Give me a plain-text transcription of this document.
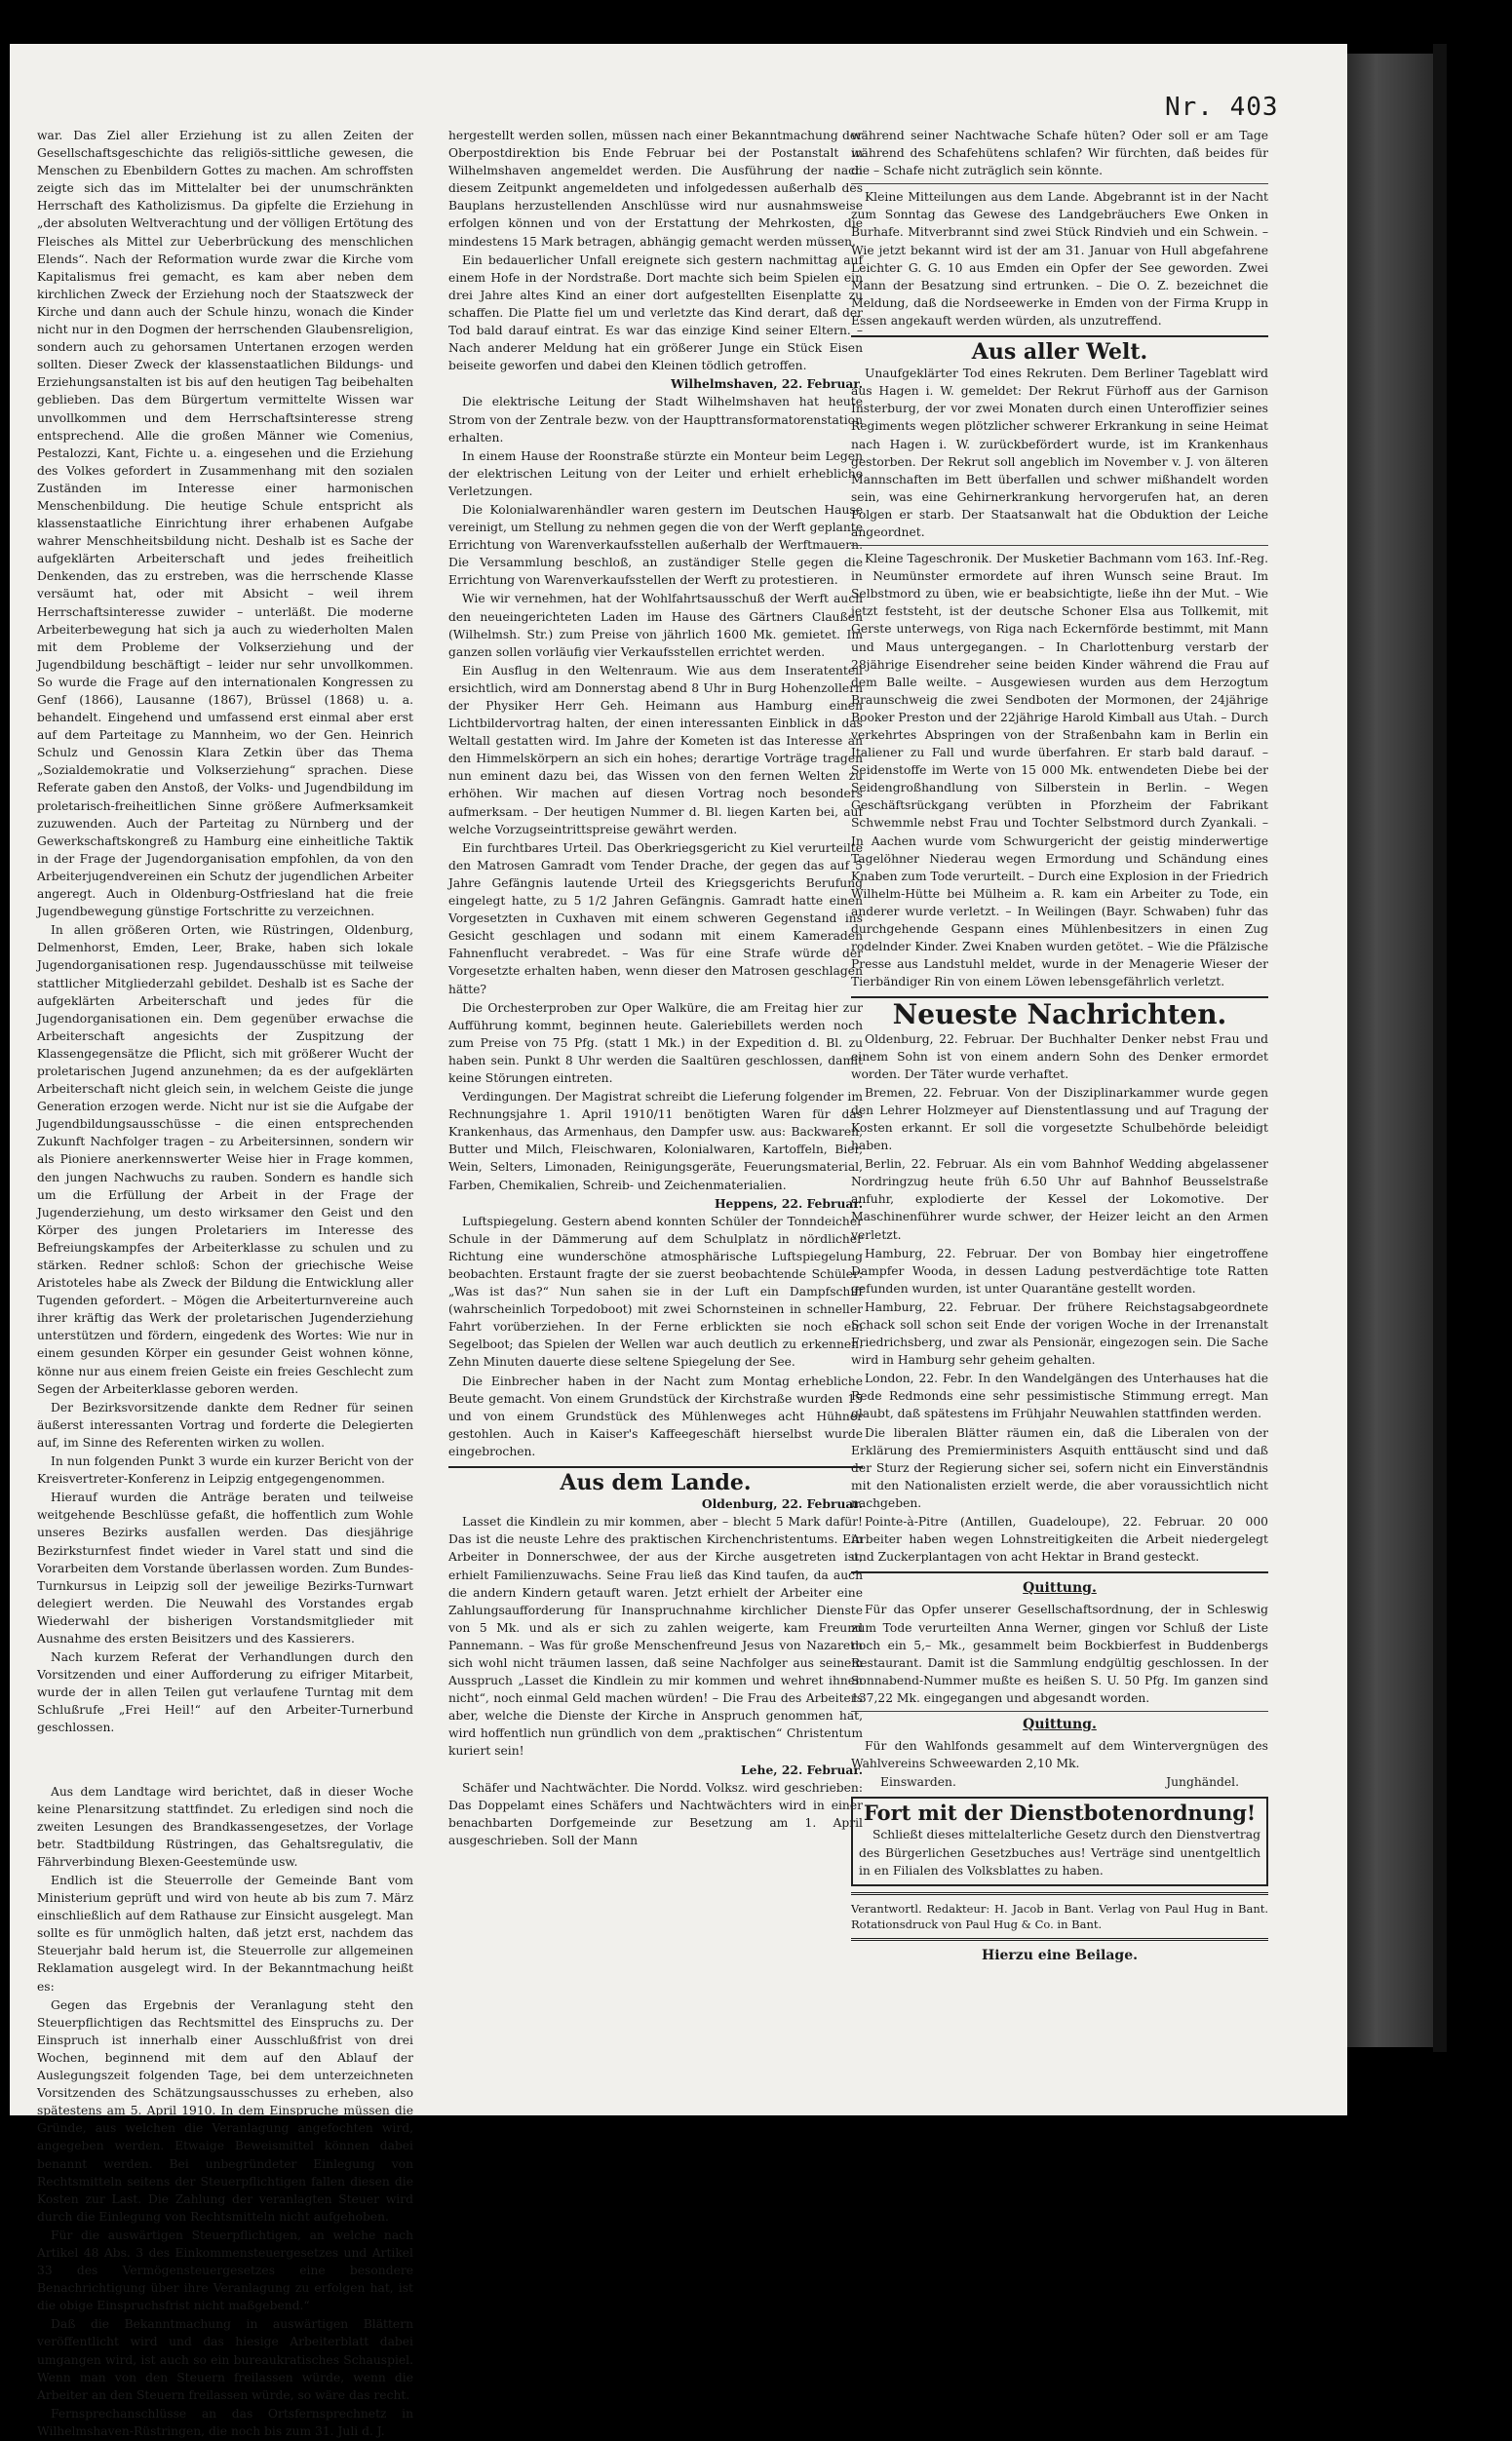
Nr. 403

war. Das Ziel aller Erziehung ist zu allen Zeiten der Gesellschaftsgeschichte das religiös-sittliche gewesen, die Menschen zu Ebenbildern Gottes zu machen. Am schroffsten zeigte sich das im Mittelalter bei der unumschränkten Herrschaft des Katholizismus. Da gipfelte die Erziehung in „der absoluten Weltverachtung und der völligen Ertötung des Fleisches als Mittel zur Ueberbrückung des menschlichen Elends“. Nach der Reformation wurde zwar die Kirche vom Kapitalismus frei gemacht, es kam aber neben dem kirchlichen Zweck der Erziehung noch der Staatszweck der Kirche und dann auch der Schule hinzu, wonach die Kinder nicht nur in den Dogmen der herrschenden Glaubensreligion, sondern auch zu gehorsamen Untertanen erzogen werden sollten. Dieser Zweck der klassenstaatlichen Bildungs- und Erziehungsanstalten ist bis auf den heutigen Tag beibehalten geblieben. Das dem Bürgertum vermittelte Wissen war unvollkommen und dem Herrschaftsinteresse streng entsprechend. Alle die großen Männer wie Comenius, Pestalozzi, Kant, Fichte u. a. eingesehen und die Erziehung des Volkes gefordert in Zusammenhang mit den sozialen Zuständen im Interesse einer harmonischen Menschenbildung. Die heutige Schule entspricht als klassenstaatliche Einrichtung ihrer erhabenen Aufgabe wahrer Menschheitsbildung nicht. Deshalb ist es Sache der aufgeklärten Arbeiterschaft und jedes freiheitlich Denkenden, das zu erstreben, was die herrschende Klasse versäumt hat, oder mit Absicht – weil ihrem Herrschaftsinteresse zuwider – unterläßt. Die moderne Arbeiterbewegung hat sich ja auch zu wiederholten Malen mit dem Probleme der Volkserziehung und der Jugendbildung beschäftigt – leider nur sehr unvollkommen. So wurde die Frage auf den internationalen Kongressen zu Genf (1866), Lausanne (1867), Brüssel (1868) u. a. behandelt. Eingehend und umfassend erst einmal aber erst auf dem Parteitage zu Mannheim, wo der Gen. Heinrich Schulz und Genossin Klara Zetkin über das Thema „Sozialdemokratie und Volkserziehung“ sprachen. Diese Referate gaben den Anstoß, der Volks- und Jugendbildung im proletarisch-freiheitlichen Sinne größere Aufmerksamkeit zuzuwenden. Auch der Parteitag zu Nürnberg und der Gewerkschaftskongreß zu Hamburg eine einheitliche Taktik in der Frage der Jugendorganisation empfohlen, da von den Arbeiterjugendvereinen ein Schutz der jugendlichen Arbeiter angeregt. Auch in Oldenburg-Ostfriesland hat die freie Jugendbewegung günstige Fortschritte zu verzeichnen.

In allen größeren Orten, wie Rüstringen, Oldenburg, Delmenhorst, Emden, Leer, Brake, haben sich lokale Jugendorganisationen resp. Jugendausschüsse mit teilweise stattlicher Mitgliederzahl gebildet. Deshalb ist es Sache der aufgeklärten Arbeiterschaft und jedes für die Jugendorganisationen ein. Dem gegenüber erwachse die Arbeiterschaft angesichts der Zuspitzung der Klassengegensätze die Pflicht, sich mit größerer Wucht der proletarischen Jugend anzunehmen; da es der aufgeklärten Arbeiterschaft nicht gleich sein, in welchem Geiste die junge Generation erzogen werde. Nicht nur ist sie die Aufgabe der Jugendbildungsausschüsse – die einen entsprechenden Zukunft Nachfolger tragen – zu Arbeitersinnen, sondern wir als Pioniere anerkennswerter Weise hier in Frage kommen, den jungen Nachwuchs zu rauben. Sondern es handle sich um die Erfüllung der Arbeit in der Frage der Jugenderziehung, um desto wirksamer den Geist und den Körper des jungen Proletariers im Interesse des Befreiungskampfes der Arbeiterklasse zu schulen und zu stärken. Redner schloß: Schon der griechische Weise Aristoteles habe als Zweck der Bildung die Entwicklung aller Tugenden gefordert. – Mögen die Arbeiterturnvereine auch ihrer kräftig das Werk der proletarischen Jugenderziehung unterstützen und fördern, eingedenk des Wortes: Wie nur in einem gesunden Körper ein gesunder Geist wohnen könne, könne nur aus einem freien Geiste ein freies Geschlecht zum Segen der Arbeiterklasse geboren werden.

Der Bezirksvorsitzende dankte dem Redner für seinen äußerst interessanten Vortrag und forderte die Delegierten auf, im Sinne des Referenten wirken zu wollen.

In nun folgenden Punkt 3 wurde ein kurzer Bericht von der Kreisvertreter-Konferenz in Leipzig entgegengenommen.

Hierauf wurden die Anträge beraten und teilweise weitgehende Beschlüsse gefaßt, die hoffentlich zum Wohle unseres Bezirks ausfallen werden. Das diesjährige Bezirksturnfest findet wieder in Varel statt und sind die Vorarbeiten dem Vorstande überlassen worden. Zum Bundes-Turnkursus in Leipzig soll der jeweilige Bezirks-Turnwart delegiert werden. Die Neuwahl des Vorstandes ergab Wiederwahl der bisherigen Vorstandsmitglieder mit Ausnahme des ersten Beisitzers und des Kassierers.

Nach kurzem Referat der Verhandlungen durch den Vorsitzenden und einer Aufforderung zu eifriger Mitarbeit, wurde der in allen Teilen gut verlaufene Turntag mit dem Schlußrufe „Frei Heil!“ auf den Arbeiter-Turnerbund geschlossen.

Aus dem Landtage wird berichtet, daß in dieser Woche keine Plenarsitzung stattfindet. Zu erledigen sind noch die zweiten Lesungen des Brandkassengesetzes, der Vorlage betr. Stadtbildung Rüstringen, das Gehaltsregulativ, die Fährverbindung Blexen-Geestemünde usw.

Endlich ist die Steuerrolle der Gemeinde Bant vom Ministerium geprüft und wird von heute ab bis zum 7. März einschließlich auf dem Rathause zur Einsicht ausgelegt. Man sollte es für unmöglich halten, daß jetzt erst, nachdem das Steuerjahr bald herum ist, die Steuerrolle zur allgemeinen Reklamation ausgelegt wird. In der Bekanntmachung heißt es:

Gegen das Ergebnis der Veranlagung steht den Steuerpflichtigen das Rechtsmittel des Einspruchs zu. Der Einspruch ist innerhalb einer Ausschlußfrist von drei Wochen, beginnend mit dem auf den Ablauf der Auslegungszeit folgenden Tage, bei dem unterzeichneten Vorsitzenden des Schätzungsausschusses zu erheben, also spätestens am 5. April 1910. In dem Einspruche müssen die Gründe, aus welchen die Veranlagung angefochten wird, angegeben werden. Etwaige Beweismittel können dabei benannt werden. Bei unbegründeter Einlegung von Rechtsmitteln seitens der Steuerpflichtigen fallen diesen die Kosten zur Last. Die Zahlung der veranlagten Steuer wird durch die Einlegung von Rechtsmitteln nicht aufgehoben.

Für die auswärtigen Steuerpflichtigen, an welche nach Artikel 48 Abs. 3 des Einkommensteuergesetzes und Artikel 33 des Vermögensteuergesetzes eine besondere Benachrichtigung über ihre Veranlagung zu erfolgen hat, ist die obige Einspruchsfrist nicht maßgebend.“

Daß die Bekanntmachung in auswärtigen Blättern veröffentlicht wird und das hiesige Arbeiterblatt dabei umgangen wird, ist auch so ein bureaukratisches Schauspiel. Wenn man von den Steuern freilassen würde, wenn die Arbeiter an den Steuern freilassen würde, so wäre das recht.

Fernsprechanschlüsse an das Ortsfernsprechnetz in Wilhelmshaven-Rüstringen, die noch bis zum 31. Juli d. J.

hergestellt werden sollen, müssen nach einer Bekanntmachung der Oberpostdirektion bis Ende Februar bei der Postanstalt in Wilhelmshaven angemeldet werden. Die Ausführung der nach diesem Zeitpunkt angemeldeten und infolgedessen außerhalb des Bauplans herzustellenden Anschlüsse wird nur ausnahmsweise erfolgen können und von der Erstattung der Mehrkosten, die mindestens 15 Mark betragen, abhängig gemacht werden müssen.

Ein bedauerlicher Unfall ereignete sich gestern nachmittag auf einem Hofe in der Nordstraße. Dort machte sich beim Spielen ein drei Jahre altes Kind an einer dort aufgestellten Eisenplatte zu schaffen. Die Platte fiel um und verletzte das Kind derart, daß der Tod bald darauf eintrat. Es war das einzige Kind seiner Eltern. – Nach anderer Meldung hat ein größerer Junge ein Stück Eisen beiseite geworfen und dabei den Kleinen tödlich getroffen.

Wilhelmshaven, 22. Februar.

Die elektrische Leitung der Stadt Wilhelmshaven hat heute Strom von der Zentrale bezw. von der Haupttransformatorenstation erhalten.

In einem Hause der Roonstraße stürzte ein Monteur beim Legen der elektrischen Leitung von der Leiter und erhielt erhebliche Verletzungen.

Die Kolonialwarenhändler waren gestern im Deutschen Hause vereinigt, um Stellung zu nehmen gegen die von der Werft geplante Errichtung von Warenverkaufsstellen außerhalb der Werftmauern. Die Versammlung beschloß, an zuständiger Stelle gegen die Errichtung von Warenverkaufsstellen der Werft zu protestieren.

Wie wir vernehmen, hat der Wohlfahrtsausschuß der Werft auch den neueingerichteten Laden im Hause des Gärtners Claußen (Wilhelmsh. Str.) zum Preise von jährlich 1600 Mk. gemietet. Im ganzen sollen vorläufig vier Verkaufsstellen errichtet werden.

Ein Ausflug in den Weltenraum. Wie aus dem Inseratenteil ersichtlich, wird am Donnerstag abend 8 Uhr in Burg Hohenzollern der Physiker Herr Geh. Heimann aus Hamburg einen Lichtbildervortrag halten, der einen interessanten Einblick in das Weltall gestatten wird. Im Jahre der Kometen ist das Interesse an den Himmelskörpern an sich ein hohes; derartige Vorträge tragen nun eminent dazu bei, das Wissen von den fernen Welten zu erhöhen. Wir machen auf diesen Vortrag noch besonders aufmerksam. – Der heutigen Nummer d. Bl. liegen Karten bei, auf welche Vorzugseintrittspreise gewährt werden.

Ein furchtbares Urteil. Das Oberkriegsgericht zu Kiel verurteilte den Matrosen Gamradt vom Tender Drache, der gegen das auf 5 Jahre Gefängnis lautende Urteil des Kriegsgerichts Berufung eingelegt hatte, zu 5 1/2 Jahren Gefängnis. Gamradt hatte einen Vorgesetzten in Cuxhaven mit einem schweren Gegenstand ins Gesicht geschlagen und sodann mit einem Kameraden Fahnenflucht verabredet. – Was für eine Strafe würde der Vorgesetzte erhalten haben, wenn dieser den Matrosen geschlagen hätte?

Die Orchesterproben zur Oper Walküre, die am Freitag hier zur Aufführung kommt, beginnen heute. Galeriebillets werden noch zum Preise von 75 Pfg. (statt 1 Mk.) in der Expedition d. Bl. zu haben sein. Punkt 8 Uhr werden die Saaltüren geschlossen, damit keine Störungen eintreten.

Verdingungen. Der Magistrat schreibt die Lieferung folgender im Rechnungsjahre 1. April 1910/11 benötigten Waren für das Krankenhaus, das Armenhaus, den Dampfer usw. aus: Backwaren, Butter und Milch, Fleischwaren, Kolonialwaren, Kartoffeln, Bier, Wein, Selters, Limonaden, Reinigungsgeräte, Feuerungsmaterial, Farben, Chemikalien, Schreib- und Zeichenmaterialien.

Heppens, 22. Februar.

Luftspiegelung. Gestern abend konnten Schüler der Tonndeicher Schule in der Dämmerung auf dem Schulplatz in nördlicher Richtung eine wunderschöne atmosphärische Luftspiegelung beobachten. Erstaunt fragte der sie zuerst beobachtende Schüler: „Was ist das?“ Nun sahen sie in der Luft ein Dampfschiff (wahrscheinlich Torpedoboot) mit zwei Schornsteinen in schneller Fahrt vorüberziehen. In der Ferne erblickten sie noch ein Segelboot; das Spielen der Wellen war auch deutlich zu erkennen. Zehn Minuten dauerte diese seltene Spiegelung der See.

Die Einbrecher haben in der Nacht zum Montag erhebliche Beute gemacht. Von einem Grundstück der Kirchstraße wurden 15 und von einem Grundstück des Mühlenweges acht Hühner gestohlen. Auch in Kaiser's Kaffeegeschäft hierselbst wurde eingebrochen.

Aus dem Lande.
Oldenburg, 22. Februar.

Lasset die Kindlein zu mir kommen, aber – blecht 5 Mark dafür! Das ist die neuste Lehre des praktischen Kirchenchristentums. Ein Arbeiter in Donnerschwee, der aus der Kirche ausgetreten ist, erhielt Familienzuwachs. Seine Frau ließ das Kind taufen, da auch die andern Kindern getauft waren. Jetzt erhielt der Arbeiter eine Zahlungsaufforderung für Inanspruchnahme kirchlicher Dienste von 5 Mk. und als er sich zu zahlen weigerte, kam Freund Pannemann. – Was für große Menschenfreund Jesus von Nazareth sich wohl nicht träumen lassen, daß seine Nachfolger aus seinem Ausspruch „Lasset die Kindlein zu mir kommen und wehret ihnen nicht“, noch einmal Geld machen würden! – Die Frau des Arbeiters aber, welche die Dienste der Kirche in Anspruch genommen hat, wird hoffentlich nun gründlich von dem „praktischen“ Christentum kuriert sein!

Lehe, 22. Februar.

Schäfer und Nachtwächter. Die Nordd. Volksz. wird geschrieben: Das Doppelamt eines Schäfers und Nachtwächters wird in einer benachbarten Dorfgemeinde zur Besetzung am 1. April ausgeschrieben. Soll der Mann

während seiner Nachtwache Schafe hüten? Oder soll er am Tage während des Schafehütens schlafen? Wir fürchten, daß beides für die – Schafe nicht zuträglich sein könnte.

Kleine Mitteilungen aus dem Lande. Abgebrannt ist in der Nacht zum Sonntag das Gewese des Landgebräuchers Ewe Onken in Burhafe. Mitverbrannt sind zwei Stück Rindvieh und ein Schwein. – Wie jetzt bekannt wird ist der am 31. Januar von Hull abgefahrene Leichter G. G. 10 aus Emden ein Opfer der See geworden. Zwei Mann der Besatzung sind ertrunken. – Die O. Z. bezeichnet die Meldung, daß die Nordseewerke in Emden von der Firma Krupp in Essen angekauft werden würden, als unzutreffend.

Aus aller Welt.

Unaufgeklärter Tod eines Rekruten. Dem Berliner Tageblatt wird aus Hagen i. W. gemeldet: Der Rekrut Fürhoff aus der Garnison Insterburg, der vor zwei Monaten durch einen Unteroffizier seines Regiments wegen plötzlicher schwerer Erkrankung in seine Heimat nach Hagen i. W. zurückbefördert wurde, ist im Krankenhaus gestorben. Der Rekrut soll angeblich im November v. J. von älteren Mannschaften im Bett überfallen und schwer mißhandelt worden sein, was eine Gehirnerkrankung hervorgerufen hat, an deren Folgen er starb. Der Staatsanwalt hat die Obduktion der Leiche angeordnet.

Kleine Tageschronik. Der Musketier Bachmann vom 163. Inf.-Reg. in Neumünster ermordete auf ihren Wunsch seine Braut. Im Selbstmord zu üben, wie er beabsichtigte, ließe ihn der Mut. – Wie jetzt feststeht, ist der deutsche Schoner Elsa aus Tollkemit, mit Gerste unterwegs, von Riga nach Eckernförde bestimmt, mit Mann und Maus untergegangen. – In Charlottenburg verstarb der 28jährige Eisendreher seine beiden Kinder während die Frau auf dem Balle weilte. – Ausgewiesen wurden aus dem Herzogtum Braunschweig die zwei Sendboten der Mormonen, der 24jährige Booker Preston und der 22jährige Harold Kimball aus Utah. – Durch verkehrtes Abspringen von der Straßenbahn kam in Berlin ein Italiener zu Fall und wurde überfahren. Er starb bald darauf. – Seidenstoffe im Werte von 15 000 Mk. entwendeten Diebe bei der Seidengroßhandlung von Silberstein in Berlin. – Wegen Geschäftsrückgang verübten in Pforzheim der Fabrikant Schwemmle nebst Frau und Tochter Selbstmord durch Zyankali. – In Aachen wurde vom Schwurgericht der geistig minderwertige Tagelöhner Niederau wegen Ermordung und Schändung eines Knaben zum Tode verurteilt. – Durch eine Explosion in der Friedrich Wilhelm-Hütte bei Mülheim a. R. kam ein Arbeiter zu Tode, ein anderer wurde verletzt. – In Weilingen (Bayr. Schwaben) fuhr das durchgehende Gespann eines Mühlenbesitzers in einen Zug rodelnder Kinder. Zwei Knaben wurden getötet. – Wie die Pfälzische Presse aus Landstuhl meldet, wurde in der Menagerie Wieser der Tierbändiger Rin von einem Löwen lebensgefährlich verletzt.

Neueste Nachrichten.

Oldenburg, 22. Februar. Der Buchhalter Denker nebst Frau und einem Sohn ist von einem andern Sohn des Denker ermordet worden. Der Täter wurde verhaftet.

Bremen, 22. Februar. Von der Disziplinarkammer wurde gegen den Lehrer Holzmeyer auf Dienstentlassung und auf Tragung der Kosten erkannt. Er soll die vorgesetzte Schulbehörde beleidigt haben.

Berlin, 22. Februar. Als ein vom Bahnhof Wedding abgelassener Nordringzug heute früh 6.50 Uhr auf Bahnhof Beusselstraße anfuhr, explodierte der Kessel der Lokomotive. Der Maschinenführer wurde schwer, der Heizer leicht an den Armen verletzt.

Hamburg, 22. Februar. Der von Bombay hier eingetroffene Dampfer Wooda, in dessen Ladung pestverdächtige tote Ratten gefunden wurden, ist unter Quarantäne gestellt worden.

Hamburg, 22. Februar. Der frühere Reichstagsabgeordnete Schack soll schon seit Ende der vorigen Woche in der Irrenanstalt Friedrichsberg, und zwar als Pensionär, eingezogen sein. Die Sache wird in Hamburg sehr geheim gehalten.

London, 22. Febr. In den Wandelgängen des Unterhauses hat die Rede Redmonds eine sehr pessimistische Stimmung erregt. Man glaubt, daß spätestens im Frühjahr Neuwahlen stattfinden werden.

Die liberalen Blätter räumen ein, daß die Liberalen von der Erklärung des Premierministers Asquith enttäuscht sind und daß der Sturz der Regierung sicher sei, sofern nicht ein Einverständnis mit den Nationalisten erzielt werde, die aber voraussichtlich nicht nachgeben.

Pointe-à-Pitre (Antillen, Guadeloupe), 22. Februar. 20 000 Arbeiter haben wegen Lohnstreitigkeiten die Arbeit niedergelegt und Zuckerplantagen von acht Hektar in Brand gesteckt.

Quittung.

Für das Opfer unserer Gesellschaftsordnung, der in Schleswig zum Tode verurteilten Anna Werner, gingen vor Schluß der Liste noch ein 5,– Mk., gesammelt beim Bockbierfest in Buddenbergs Restaurant. Damit ist die Sammlung endgültig geschlossen. In der Sonnabend-Nummer mußte es heißen S. U. 50 Pfg. Im ganzen sind 137,22 Mk. eingegangen und abgesandt worden.

Quittung.

Für den Wahlfonds gesammelt auf dem Wintervergnügen des Wahlvereins Schweewarden 2,10 Mk.

Einswarden.	Junghändel.
Fort mit der Dienstbotenordnung!

Schließt dieses mittelalterliche Gesetz durch den Dienstvertrag des Bürgerlichen Gesetzbuches aus! Verträge sind unentgeltlich in en Filialen des Volksblattes zu haben.

Verantwortl. Redakteur: H. Jacob in Bant. Verlag von Paul Hug in Bant. Rotationsdruck von Paul Hug & Co. in Bant.

Hierzu eine Beilage.
